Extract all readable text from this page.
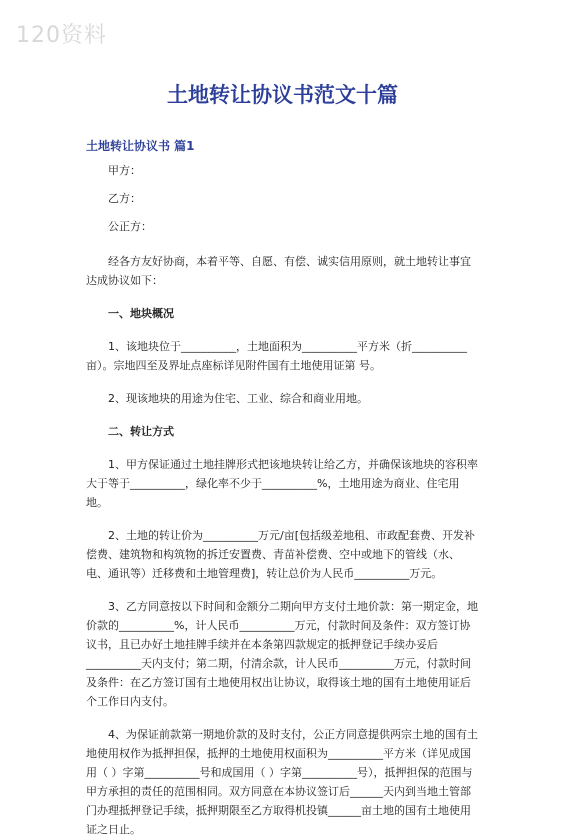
120资料
土地转让协议书范文十篇
土地转让协议书 篇1

甲方：

乙方：

公正方：

经各方友好协商，本着平等、自愿、有偿、诚实信用原则，就土地转让事宜达成协议如下：

一、地块概况

1、该地块位于__________，土地面积为__________平方米（折__________亩）。宗地四至及界址点座标详见附件国有土地使用证第 号。

2、现该地块的用途为住宅、工业、综合和商业用地。

二、转让方式

1、甲方保证通过土地挂牌形式把该地块转让给乙方，并确保该地块的容积率大于等于__________，绿化率不少于__________%，土地用途为商业、住宅用地。

2、土地的转让价为__________万元/亩[包括级差地租、市政配套费、开发补偿费、建筑物和构筑物的拆迁安置费、青苗补偿费、空中或地下的管线（水、电、通讯等）迁移费和土地管理费]，转让总价为人民币__________万元。

3、乙方同意按以下时间和金额分二期向甲方支付土地价款：第一期定金，地价款的__________%，计人民币__________万元，付款时间及条件：双方签订协议书，且已办好土地挂牌手续并在本条第四款规定的抵押登记手续办妥后__________天内支付；第二期，付清余款，计人民币__________万元，付款时间及条件：在乙方签订国有土地使用权出让协议，取得该土地的国有土地使用证后个工作日内支付。

4、为保证前款第一期地价款的及时支付，公正方同意提供两宗土地的国有土地使用权作为抵押担保，抵押的土地使用权面积为__________平方米（详见成国用（ ）字第__________号和成国用（ ）字第__________号），抵押担保的范围与甲方承担的责任的范围相同。双方同意在本协议签订后______天内到当地土管部门办理抵押登记手续，抵押期限至乙方取得机投镇______亩土地的国有土地使用证之日止。
